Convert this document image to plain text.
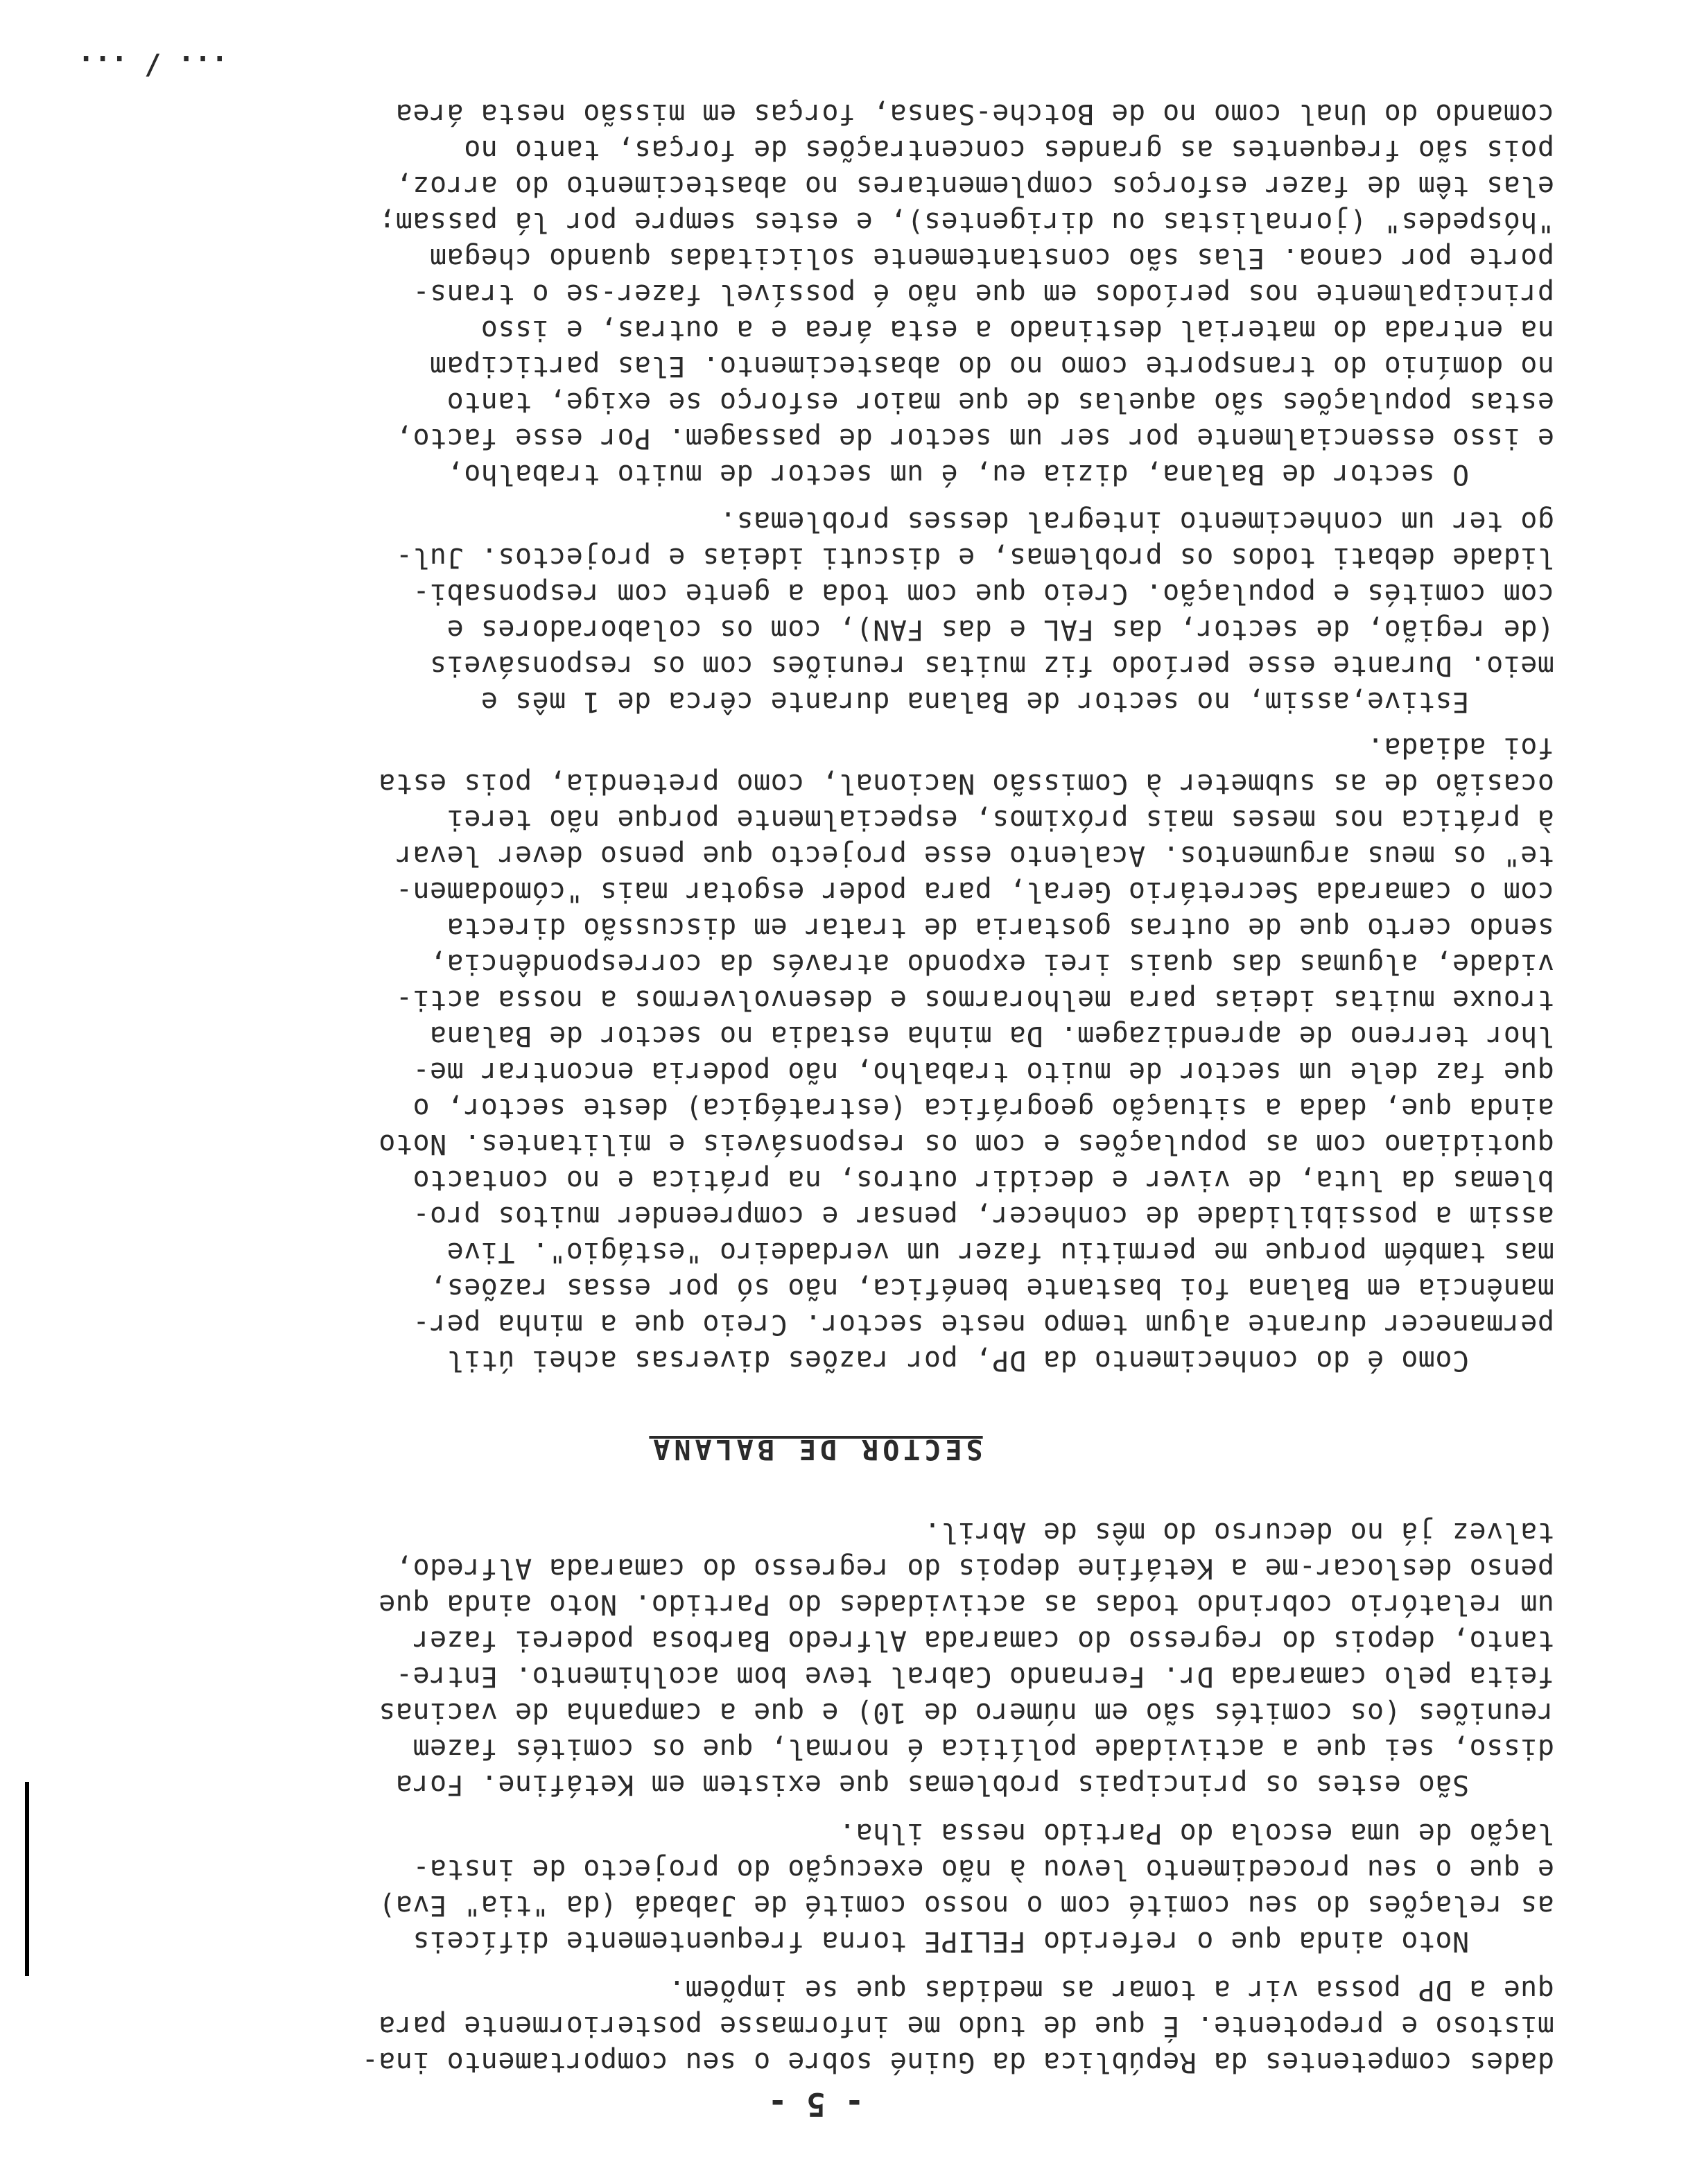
- 5 -

dades competentes da República da Guiné sobre o seu comportamento ina-

mistoso e prepotente. É que de tudo me informasse posteriormente para

que a DP possa vir a tomar as medidas que se impõem.

Noto ainda que o referido FELIPE torna frequentemente difíceis

as relações do seu comité com o nosso comité de Jabadá (da "tia" Eva)

e que o seu procedimento levou à não execução do projecto de insta-

lação de uma escola do Partido nessa ilha.

São estes os principais problemas que existem em Ketáfine. Fora

disso, sei que a actividade política é normal, que os comités fazem

reuniões (os comités são em número de 10) e que a campanha de vacinas

feita pelo camarada Dr. Fernando Cabral teve bom acolhimento. Entre-

tanto, depois do regresso do camarada Alfredo Barbosa poderei fazer

um relatório cobrindo todas as actividades do Partido. Noto ainda que

penso deslocar-me a Ketáfine depois do regresso do camarada Alfredo,

talvez já no decurso do mês de Abril.

SECTOR DE BALANA

Como é do conhecimento da DP, por razões diversas achei útil

permanecer durante algum tempo neste sector. Creio que a minha per-

manência em Balana foi bastante benéfica, não só por essas razões,

mas também porque me permitiu fazer um verdadeiro "estágio". Tive

assim a possibilidade de conhecer, pensar e compreender muitos pro-

blemas da luta, de viver e decidir outros, na prática e no contacto

quotidiano com as populações e com os responsáveis e militantes. Noto

ainda que, dada a situação geográfica (estratégica) deste sector, o

que faz dele um sector de muito trabalho, não poderia encontrar me-

lhor terreno de aprendizagem. Da minha estadia no sector de Balana

trouxe muitas ideias para melhorarmos e desenvolvermos a nossa acti-

vidade, algumas das quais irei expondo através da correspondência,

sendo certo que de outras gostaria de tratar em discussão directa

com o camarada Secretário Geral, para poder esgotar mais "cómodamen-

te" os meus argumentos. Acalento esse projecto que penso dever levar

à prática nos meses mais próximos, especialmente porque não terei

ocasião de as submeter à Comissão Nacional, como pretendia, pois esta

foi adiada.

Estive,assim, no sector de Balana durante cêrca de 1 mês e

meio. Durante esse período fiz muitas reuniões com os responsáveis

(de região, de sector, das FAL e das FAN), com os colaboradores e

com comités e população. Creio que com toda a gente com responsabi-

lidade debati todos os problemas, e discuti ideias e projectos. Jul-

go ter um conhecimento integral desses problemas.

O sector de Balana, dizia eu, é um sector de muito trabalho,

e isso essencialmente por ser um sector de passagem. Por esse facto,

estas populações são aquelas de que maior esforço se exige, tanto

no domínio do transporte como no do abastecimento. Elas participam

na entrada do material destinado a esta área e a outras, e isso

principalmente nos períodos em que não é possível fazer-se o trans-

porte por canoa. Elas são constantemente solicitadas quando chegam

"hóspedes" (jornalistas ou dirigentes), e estes sempre por lá passam;

elas têm de fazer esforços complementares no abastecimento do arroz,

pois são frequentes as grandes concentrações de forças, tanto no

comando do Unal como no de Botche-Sansa, forças em missão nesta área

... / ...
